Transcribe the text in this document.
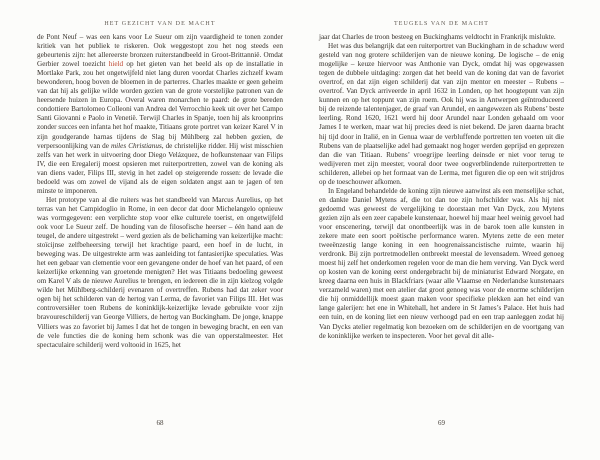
HET GEZICHT VAN DE MACHT

de Pont Neuf – was een kans voor Le Sueur om zijn vaardigheid te tonen zonder kritiek van het publiek te riskeren. Ook weggestopt zou het nog steeds een gebeurtenis zijn: het allereerste bronzen ruiterstandbeeld in Groot-Brittannië. Omdat Gerbier zowel toezicht hield op het gieten van het beeld als op de installatie in Mortlake Park, zou het ongetwijfeld niet lang duren voordat Charles zichzelf kwam bewonderen, hoog boven de bloemen in de parterres. Charles maakte er geen geheim van dat hij als gelijke wilde worden gezien van de grote vorstelijke patronen van de heersende huizen in Europa. Overal waren monarchen te paard: de grote bereden condottiere Bartolomeo Colleoni van Andrea del Verrocchio keek uit over het Campo Santi Giovanni e Paolo in Venetië. Terwijl Charles in Spanje, toen hij als kroonprins zonder succes een infanta het hof maakte, Titiaans grote portret van keizer Karel V in zijn goudgerande harnas tijdens de Slag bij Mühlberg zal hebben gezien, de verpersoonlijking van de miles Christianus, de christelijke ridder. Hij wist misschien zelfs van het werk in uitvoering door Diego Velázquez, de hofkunstenaar van Filips IV, die een Eregalerij moest opsieren met ruiterportretten, zowel van de koning als van diens vader, Filips III, stevig in het zadel op steigerende rossen: de levade die bedoeld was om zowel de vijand als de eigen soldaten angst aan te jagen of ten minste te imponeren.

Het prototype van al die ruiters was het standbeeld van Marcus Aurelius, op het terras van het Campidoglio in Rome, in een decor dat door Michelangelo opnieuw was vormgegeven: een verplichte stop voor elke culturele toerist, en ongetwijfeld ook voor Le Sueur zelf. De houding van de filosofische heerser – één hand aan de teugel, de andere uitgestrekt – werd gezien als de belichaming van keizerlijke macht: stoïcijnse zelfbeheersing terwijl het krachtige paard, een hoef in de lucht, in beweging was. De uitgestrekte arm was aanleiding tot fantasierijke speculaties. Was het een gebaar van clementie voor een gevangene onder de hoef van het paard, of een keizerlijke erkenning van groetende menigten? Het was Titiaans bedoeling geweest om Karel V als de nieuwe Aurelius te brengen, en iedereen die in zijn kielzog volgde wilde het Mühlberg-schilderij evenaren of overtreffen. Rubens had dat zeker voor ogen bij het schilderen van de hertog van Lerma, de favoriet van Filips III. Het was controversiëler toen Rubens de koninklijk-keizerlijke levade gebruikte voor zijn bravoureschilderij van George Villiers, de hertog van Buckingham. De jonge, knappe Villiers was zo favoriet bij James I dat het de tongen in beweging bracht, en een van de vele functies die de koning hem schonk was die van opperstalmeester. Het spectaculaire schilderij werd voltooid in 1625, het

68
TEUGELS VAN DE MACHT

jaar dat Charles de troon besteeg en Buckinghams veldtocht in Frankrijk mislukte.

Het was dus belangrijk dat een ruiterportret van Buckingham in de schaduw werd gesteld van nog grotere schilderijen van de nieuwe koning. De logische – de enig mogelijke – keuze hiervoor was Anthonie van Dyck, omdat hij was opgewassen tegen de dubbele uitdaging: zorgen dat het beeld van de koning dat van de favoriet overtrof, en dat zijn eigen schilderij dat van zijn mentor en meester – Rubens – overtrof. Van Dyck arriveerde in april 1632 in Londen, op het hoogtepunt van zijn kunnen en op het toppunt van zijn roem. Ook hij was in Antwerpen geïntroduceerd bij de reizende talentenjager, de graaf van Arundel, en aangewezen als Rubens’ beste leerling. Rond 1620, 1621 werd hij door Arundel naar Londen gehaald om voor James I te werken, maar wat hij precies deed is niet bekend. De jaren daarna bracht hij tijd door in Italië, en in Genua waar de verbluffende portretten ten voeten uit die Rubens van de plaatselijke adel had gemaakt nog hoger werden geprijsd en geprezen dan die van Titiaan. Rubens’ vroegrijpe leerling deinsde er niet voor terug te wedijveren met zijn meester, vooral door twee oogverblindende ruiterportretten te schilderen, allebei op het formaat van de Lerma, met figuren die op een wit strijdros op de toeschouwer afkomen.

In Engeland behandelde de koning zijn nieuwe aanwinst als een menselijke schat, en dankte Daniel Mytens af, die tot dan toe zijn hofschilder was. Als hij niet gedoemd was geweest de vergelijking te doorstaan met Van Dyck, zou Mytens gezien zijn als een zeer capabele kunstenaar, hoewel hij maar heel weinig gevoel had voor enscenering, terwijl dat onontbeerlijk was in de barok toen alle kunsten in zekere mate een soort poëtische performance waren. Mytens zette de een meter tweeënzestig lange koning in een hoogrenaissancistische ruimte, waarin hij verdronk. Bij zijn portretmodellen ontbreekt meestal de levensadem. Wreed genoeg moest hij zelf het onderkomen regelen voor de man die hem verving. Van Dyck werd op kosten van de koning eerst ondergebracht bij de miniaturist Edward Norgate, en kreeg daarna een huis in Blackfriars (waar alle Vlaamse en Nederlandse kunstenaars verzameld waren) met een atelier dat groot genoeg was voor de enorme schilderijen die hij onmiddellijk moest gaan maken voor specifieke plekken aan het eind van lange galerijen: het ene in Whitehall, het andere in St James’s Palace. Het huis had een tuin, en de koning liet een nieuw verhoogd pad en een trap aanleggen zodat hij Van Dycks atelier regelmatig kon bezoeken om de schilderijen en de voortgang van de koninklijke werken te inspecteren. Voor het geval dit alle-

69
